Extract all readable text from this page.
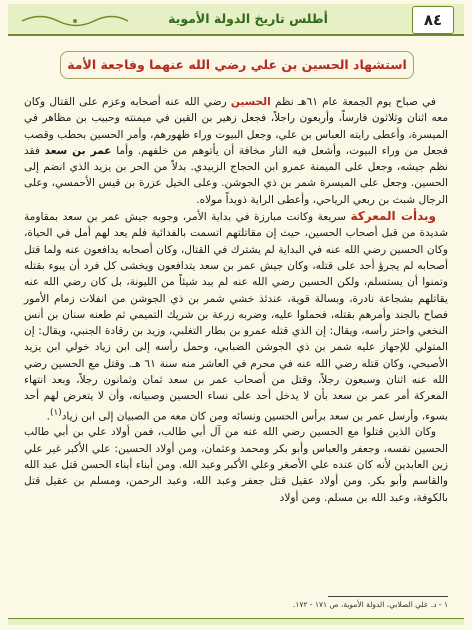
أطلس تاريخ الدولة الأموية	٨٤
استشهاد الحسين بن علي رضي الله عنهما وفاجعة الأمة

في صباح يوم الجمعة عام ٦١هـ نظم الحسين رضي الله عنه أصحابه وعزم على القتال وكان معه اثنان وثلاثون فارساً، وأربعون راجلاً، فجعل زهير بن القين في ميمنته وحبيب بن مظاهر في الميسرة، وأعطى رايته العباس بن علي، وجعل البيوت وراء ظهورهم، وأمر الحسين بحطب وقصب فجعل من وراء البيوت، وأشعل فيه النار مخافة أن يأتوهم من خلفهم. وأما عمر بن سعد فقد نظم جيشه، وجعل على الميمنة عمرو ابن الحجاج الزبيدي. بدلاً من الحر بن يزيد الذي انضم إلى الحسين. وجعل على الميسرة شمر بن ذي الجوشن. وعلى الخيل عزرة بن قيس الأحمسي، وعلى الرجال شبث بن ربعي الرياحي، وأعطى الراية ذويداً مولاه.

وبدأت المعركة سريعة وكانت مبارزة في بداية الأمر، وجوبه جيش عمر بن سعد بمقاومة شديدة من قبل أصحاب الحسين، حيث إن مقاتلتهم اتسمت بالفدائية فلم يعد لهم أمل في الحياة، وكان الحسين رضي الله عنه في البداية لم يشترك في القتال، وكان أصحابه يدافعون عنه ولما قتل أصحابه لم يجرؤ أحد على قتله، وكان جيش عمر بن سعد يتدافعون ويخشى كل فرد أن يبوء بقتله وتمنوا أن يستسلم، ولكن الحسين رضي الله عنه لم يبد شيئاً من الليونة، بل كان رضي الله عنه يقاتلهم بشجاعة نادرة، وبسالة قوية، عندئذ خشي شمر بن ذي الجوشن من انفلات زمام الأمور فصاح بالجند وأمرهم بقتله، فحملوا عليه، وضربه زرعة بن شريك التميمي ثم طعنه سنان بن أنس النخعي واحتز رأسه، ويقال: إن الذي قتله عمرو بن بطار التغلبي، وزيد بن رقادة الجنبي، ويقال: إن المتولي للإجهاز عليه شمر بن ذي الجوشن الضبابي، وحمل رأسه إلى ابن زياد خولي ابن يزيد الأصبحي، وكان قتله رضي الله عنه في محرم في العاشر منه سنة ٦١ هـ. وقتل مع الحسين رضي الله عنه اثنان وسبعون رجلاً، وقتل من أصحاب عمر بن سعد ثمان وثمانون رجلاً، وبعد انتهاء المعركة أمر عمر بن سعد بأن لا يدخل أحد على نساء الحسين وصبيانه، وأن لا يتعرض لهم أحد بسوء، وأرسل عمر بن سعد برأس الحسين ونسائه ومن كان معه من الصبيان إلى ابن زياد$^{(١)}$.

وكان الذين قتلوا مع الحسين رضي الله عنه من آل أبي طالب، فمن أولاد علي بن أبي طالب الحسين نفسه، وجعفر والعباس وأبو بكر ومحمد وعثمان، ومن أولاد الحسين: علي الأكبر غير علي زين العابدين لأنه كان عنده علي الأصغر وعلي الأكبر وعبد الله. ومن أبناء أبناء الحسن قتل عبد الله والقاسم وأبو بكر. ومن أولاد عقيل قتل جعفر وعبد الله، وعبد الرحمن، ومسلم بن عقيل قتل بالكوفة، وعبد الله بن مسلم. ومن أولاد

١ - د. علي الصلابي، الدولة الأموية، ص ١٧١ - ١٧٢.
